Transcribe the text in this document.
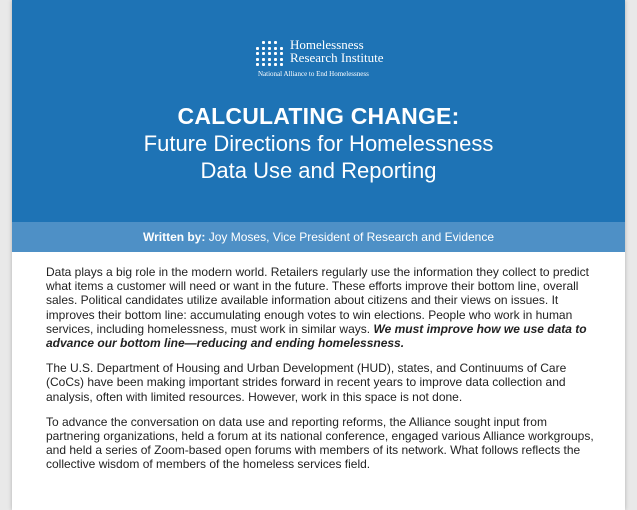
Homelessness
Research Institute
National Alliance to End Homelessness
CALCULATING CHANGE:
Future Directions for Homelessness
Data Use and Reporting
Written by: Joy Moses, Vice President of Research and Evidence

Data plays a big role in the modern world. Retailers regularly use the information they collect to predict what items a customer will need or want in the future. These efforts improve their bottom line, overall sales. Political candidates utilize available information about citizens and their views on issues. It improves their bottom line: accumulating enough votes to win elections. People who work in human services, including homelessness, must work in similar ways. We must improve how we use data to advance our bottom line—reducing and ending homelessness.

The U.S. Department of Housing and Urban Development (HUD), states, and Continuums of Care (CoCs) have been making important strides forward in recent years to improve data collection and analysis, often with limited resources. However, work in this space is not done.

To advance the conversation on data use and reporting reforms, the Alliance sought input from partnering organizations, held a forum at its national conference, engaged various Alliance workgroups, and held a series of Zoom-based open forums with members of its network. What follows reflects the collective wisdom of members of the homeless services field.
